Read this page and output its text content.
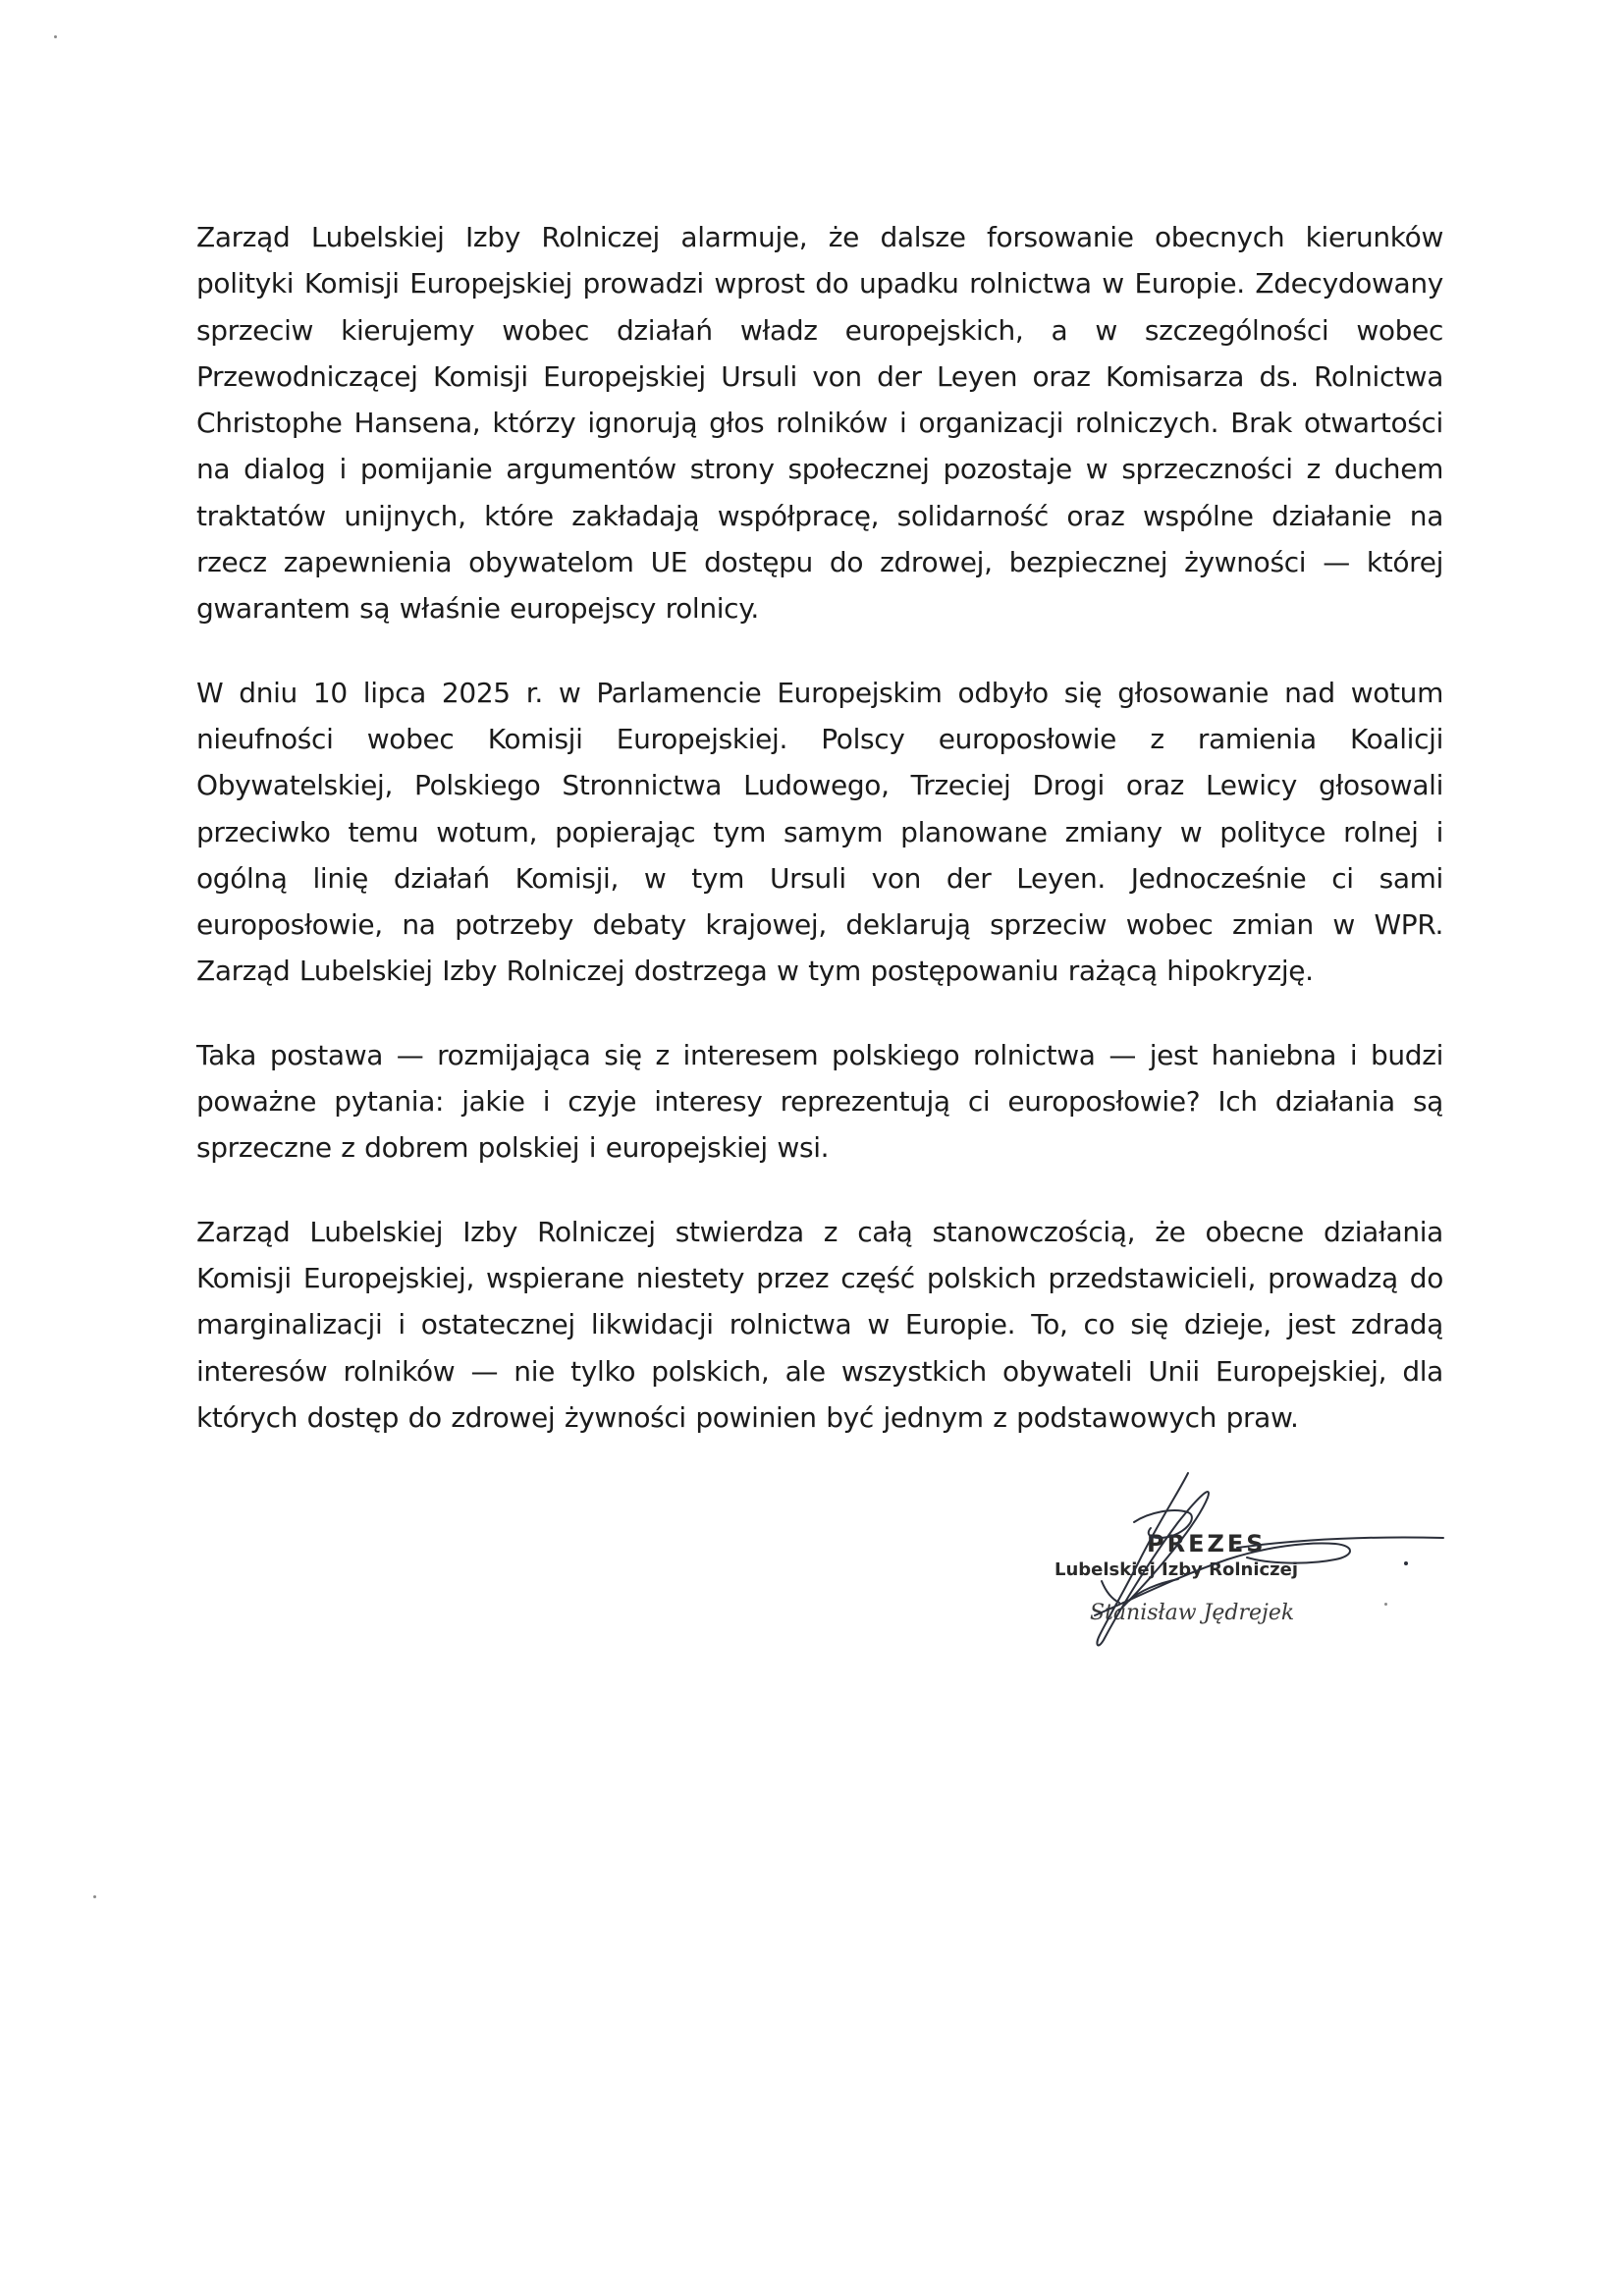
Zarząd Lubelskiej Izby Rolniczej alarmuje, że dalsze forsowanie obecnych kierunków polityki Komisji Europejskiej prowadzi wprost do upadku rolnictwa w Europie. Zdecydowany sprzeciw kierujemy wobec działań władz europejskich, a w szczególności wobec Przewodniczącej Komisji Europejskiej Ursuli von der Leyen oraz Komisarza ds. Rolnictwa Christophe Hansena, którzy ignorują głos rolników i organizacji rolniczych. Brak otwartości na dialog i pomijanie argumentów strony społecznej pozostaje w sprzeczności z duchem traktatów unijnych, które zakładają współpracę, solidarność oraz wspólne działanie na rzecz zapewnienia obywatelom UE dostępu do zdrowej, bezpiecznej żywności — której gwarantem są właśnie europejscy rolnicy.

W dniu 10 lipca 2025 r. w Parlamencie Europejskim odbyło się głosowanie nad wotum nieufności wobec Komisji Europejskiej. Polscy europosłowie z ramienia Koalicji Obywatelskiej, Polskiego Stronnictwa Ludowego, Trzeciej Drogi oraz Lewicy głosowali przeciwko temu wotum, popierając tym samym planowane zmiany w polityce rolnej i ogólną linię działań Komisji, w tym Ursuli von der Leyen. Jednocześnie ci sami europosłowie, na potrzeby debaty krajowej, deklarują sprzeciw wobec zmian w WPR. Zarząd Lubelskiej Izby Rolniczej dostrzega w tym postępowaniu rażącą hipokryzję.

Taka postawa — rozmijająca się z interesem polskiego rolnictwa — jest haniebna i budzi poważne pytania: jakie i czyje interesy reprezentują ci europosłowie? Ich działania są sprzeczne z dobrem polskiej i europejskiej wsi.

Zarząd Lubelskiej Izby Rolniczej stwierdza z całą stanowczością, że obecne działania Komisji Europejskiej, wspierane niestety przez część polskich przedstawicieli, prowadzą do marginalizacji i ostatecznej likwidacji rolnictwa w Europie. To, co się dzieje, jest zdradą interesów rolników — nie tylko polskich, ale wszystkich obywateli Unii Europejskiej, dla których dostęp do zdrowej żywności powinien być jednym z podstawowych praw.

PREZES
Lubelskiej Izby Rolniczej
Stanisław Jędrejek
